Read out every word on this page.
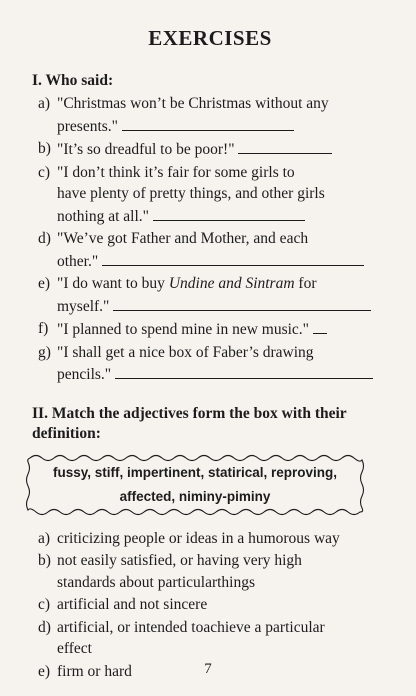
EXERCISES
I. Who said:
a) "Christmas won’t be Christmas without any
presents."
b) "It’s so dreadful to be poor!"
c) "I don’t think it’s fair for some girls to
have plenty of pretty things, and other girls
nothing at all."
d) "We’ve got Father and Mother, and each
other."
e) "I do want to buy Undine and Sintram for
myself."
f) "I planned to spend mine in new music."
g) "I shall get a nice box of Faber’s drawing
pencils."
II. Match the adjectives form the box with their
definition:
fussy, stiff, impertinent, statirical, reproving,
affected, niminy-piminy
a) criticizing people or ideas in a humorous way
b) not easily satisfied, or having very high
standards about particularthings
c) artificial and not sincere
d) artificial, or intended toachieve a particular
effect
e) firm or hard	7
